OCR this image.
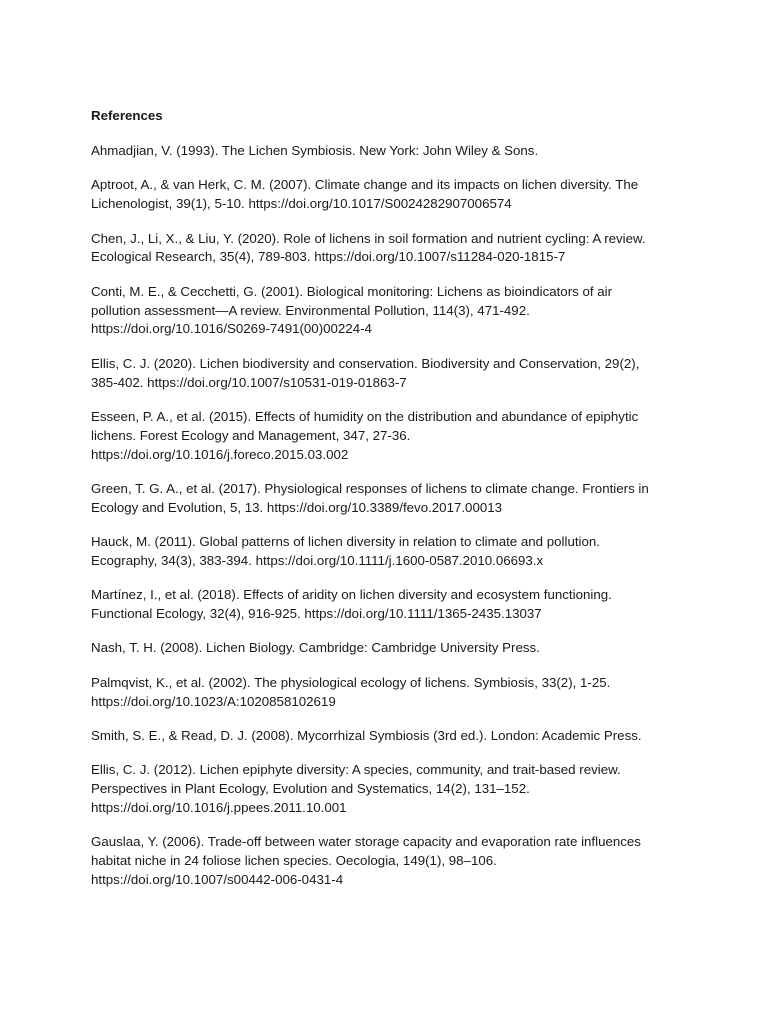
References
Ahmadjian, V. (1993). The Lichen Symbiosis. New York: John Wiley & Sons.
Aptroot, A., & van Herk, C. M. (2007). Climate change and its impacts on lichen diversity. The
Lichenologist, 39(1), 5-10. https://doi.org/10.1017/S0024282907006574
Chen, J., Li, X., & Liu, Y. (2020). Role of lichens in soil formation and nutrient cycling: A review.
Ecological Research, 35(4), 789-803. https://doi.org/10.1007/s11284-020-1815-7
Conti, M. E., & Cecchetti, G. (2001). Biological monitoring: Lichens as bioindicators of air
pollution assessment—A review. Environmental Pollution, 114(3), 471-492.
https://doi.org/10.1016/S0269-7491(00)00224-4
Ellis, C. J. (2020). Lichen biodiversity and conservation. Biodiversity and Conservation, 29(2),
385-402. https://doi.org/10.1007/s10531-019-01863-7
Esseen, P. A., et al. (2015). Effects of humidity on the distribution and abundance of epiphytic
lichens. Forest Ecology and Management, 347, 27-36.
https://doi.org/10.1016/j.foreco.2015.03.002
Green, T. G. A., et al. (2017). Physiological responses of lichens to climate change. Frontiers in
Ecology and Evolution, 5, 13. https://doi.org/10.3389/fevo.2017.00013
Hauck, M. (2011). Global patterns of lichen diversity in relation to climate and pollution.
Ecography, 34(3), 383-394. https://doi.org/10.1111/j.1600-0587.2010.06693.x
Martínez, I., et al. (2018). Effects of aridity on lichen diversity and ecosystem functioning.
Functional Ecology, 32(4), 916-925. https://doi.org/10.1111/1365-2435.13037
Nash, T. H. (2008). Lichen Biology. Cambridge: Cambridge University Press.
Palmqvist, K., et al. (2002). The physiological ecology of lichens. Symbiosis, 33(2), 1-25.
https://doi.org/10.1023/A:1020858102619
Smith, S. E., & Read, D. J. (2008). Mycorrhizal Symbiosis (3rd ed.). London: Academic Press.
Ellis, C. J. (2012). Lichen epiphyte diversity: A species, community, and trait-based review.
Perspectives in Plant Ecology, Evolution and Systematics, 14(2), 131–152.
https://doi.org/10.1016/j.ppees.2011.10.001
Gauslaa, Y. (2006). Trade-off between water storage capacity and evaporation rate influences
habitat niche in 24 foliose lichen species. Oecologia, 149(1), 98–106.
https://doi.org/10.1007/s00442-006-0431-4
